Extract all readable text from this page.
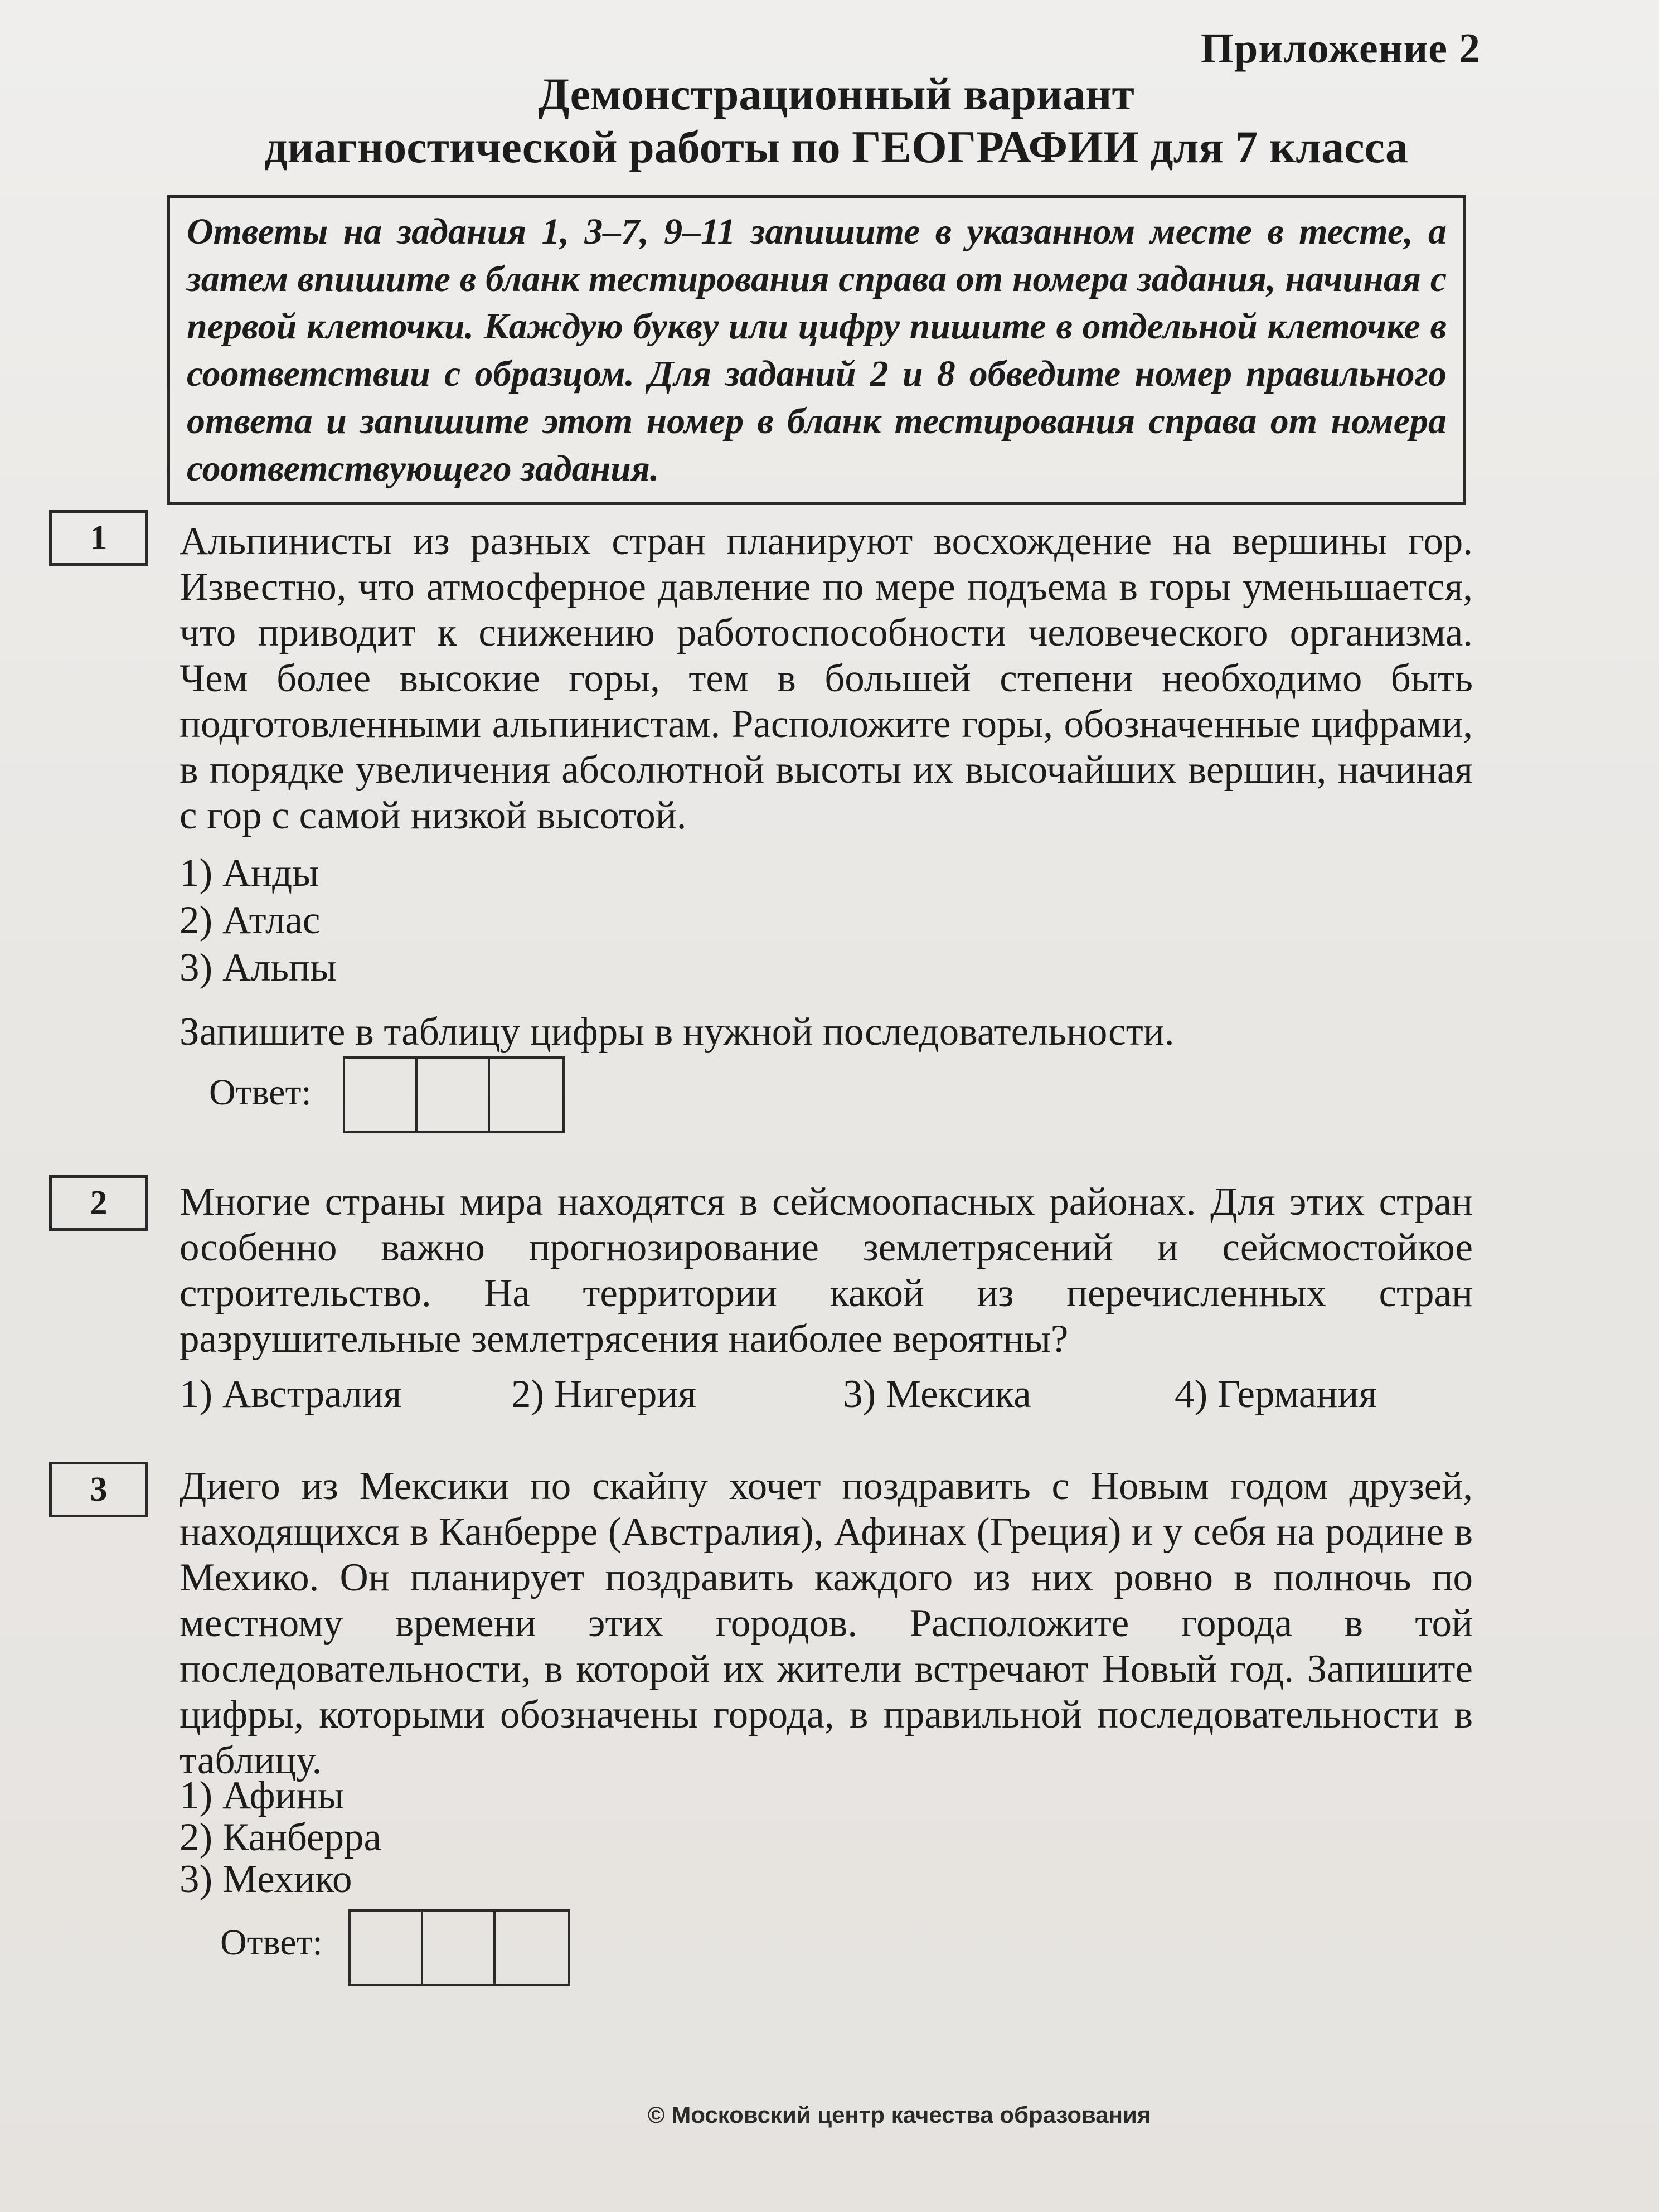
Приложение 2
Демонстрационный вариант
диагностической работы по ГЕОГРАФИИ для 7 класса
Ответы на задания 1, 3–7, 9–11 запишите в указанном месте в тесте, а затем впишите в бланк тестирования справа от номера задания, начиная с первой клеточки. Каждую букву или цифру пишите в отдельной клеточке в соответствии с образцом. Для заданий 2 и 8 обведите номер правильного ответа и запишите этот номер в бланк тестирования справа от номера соответствующего задания.
1	Альпинисты из разных стран планируют восхождение на вершины гор. Известно, что атмосферное давление по мере подъема в горы уменьшается, что приводит к снижению работоспособности человеческого организма. Чем более высокие горы, тем в большей степени необходимо быть подготовленными альпинистам. Расположите горы, обозначенные цифрами, в порядке увеличения абсолютной высоты их высочайших вершин, начиная с гор с самой низкой высотой.
1) Анды
2) Атлас
3) Альпы
Запишите в таблицу цифры в нужной последовательности.
Ответ:
2	Многие страны мира находятся в сейсмоопасных районах. Для этих стран особенно важно прогнозирование землетрясений и сейсмостойкое строительство. На территории какой из перечисленных стран разрушительные землетрясения наиболее вероятны?
1) Австралия	2) Нигерия	3) Мексика	4) Германия
3	Диего из Мексики по скайпу хочет поздравить с Новым годом друзей, находящихся в Канберре (Австралия), Афинах (Греция) и у себя на родине в Мехико. Он планирует поздравить каждого из них ровно в полночь по местному времени этих городов. Расположите города в той последовательности, в которой их жители встречают Новый год. Запишите цифры, которыми обозначены города, в правильной последовательности в таблицу.
1) Афины
2) Канберра
3) Мехико
Ответ:
© Московский центр качества образования
